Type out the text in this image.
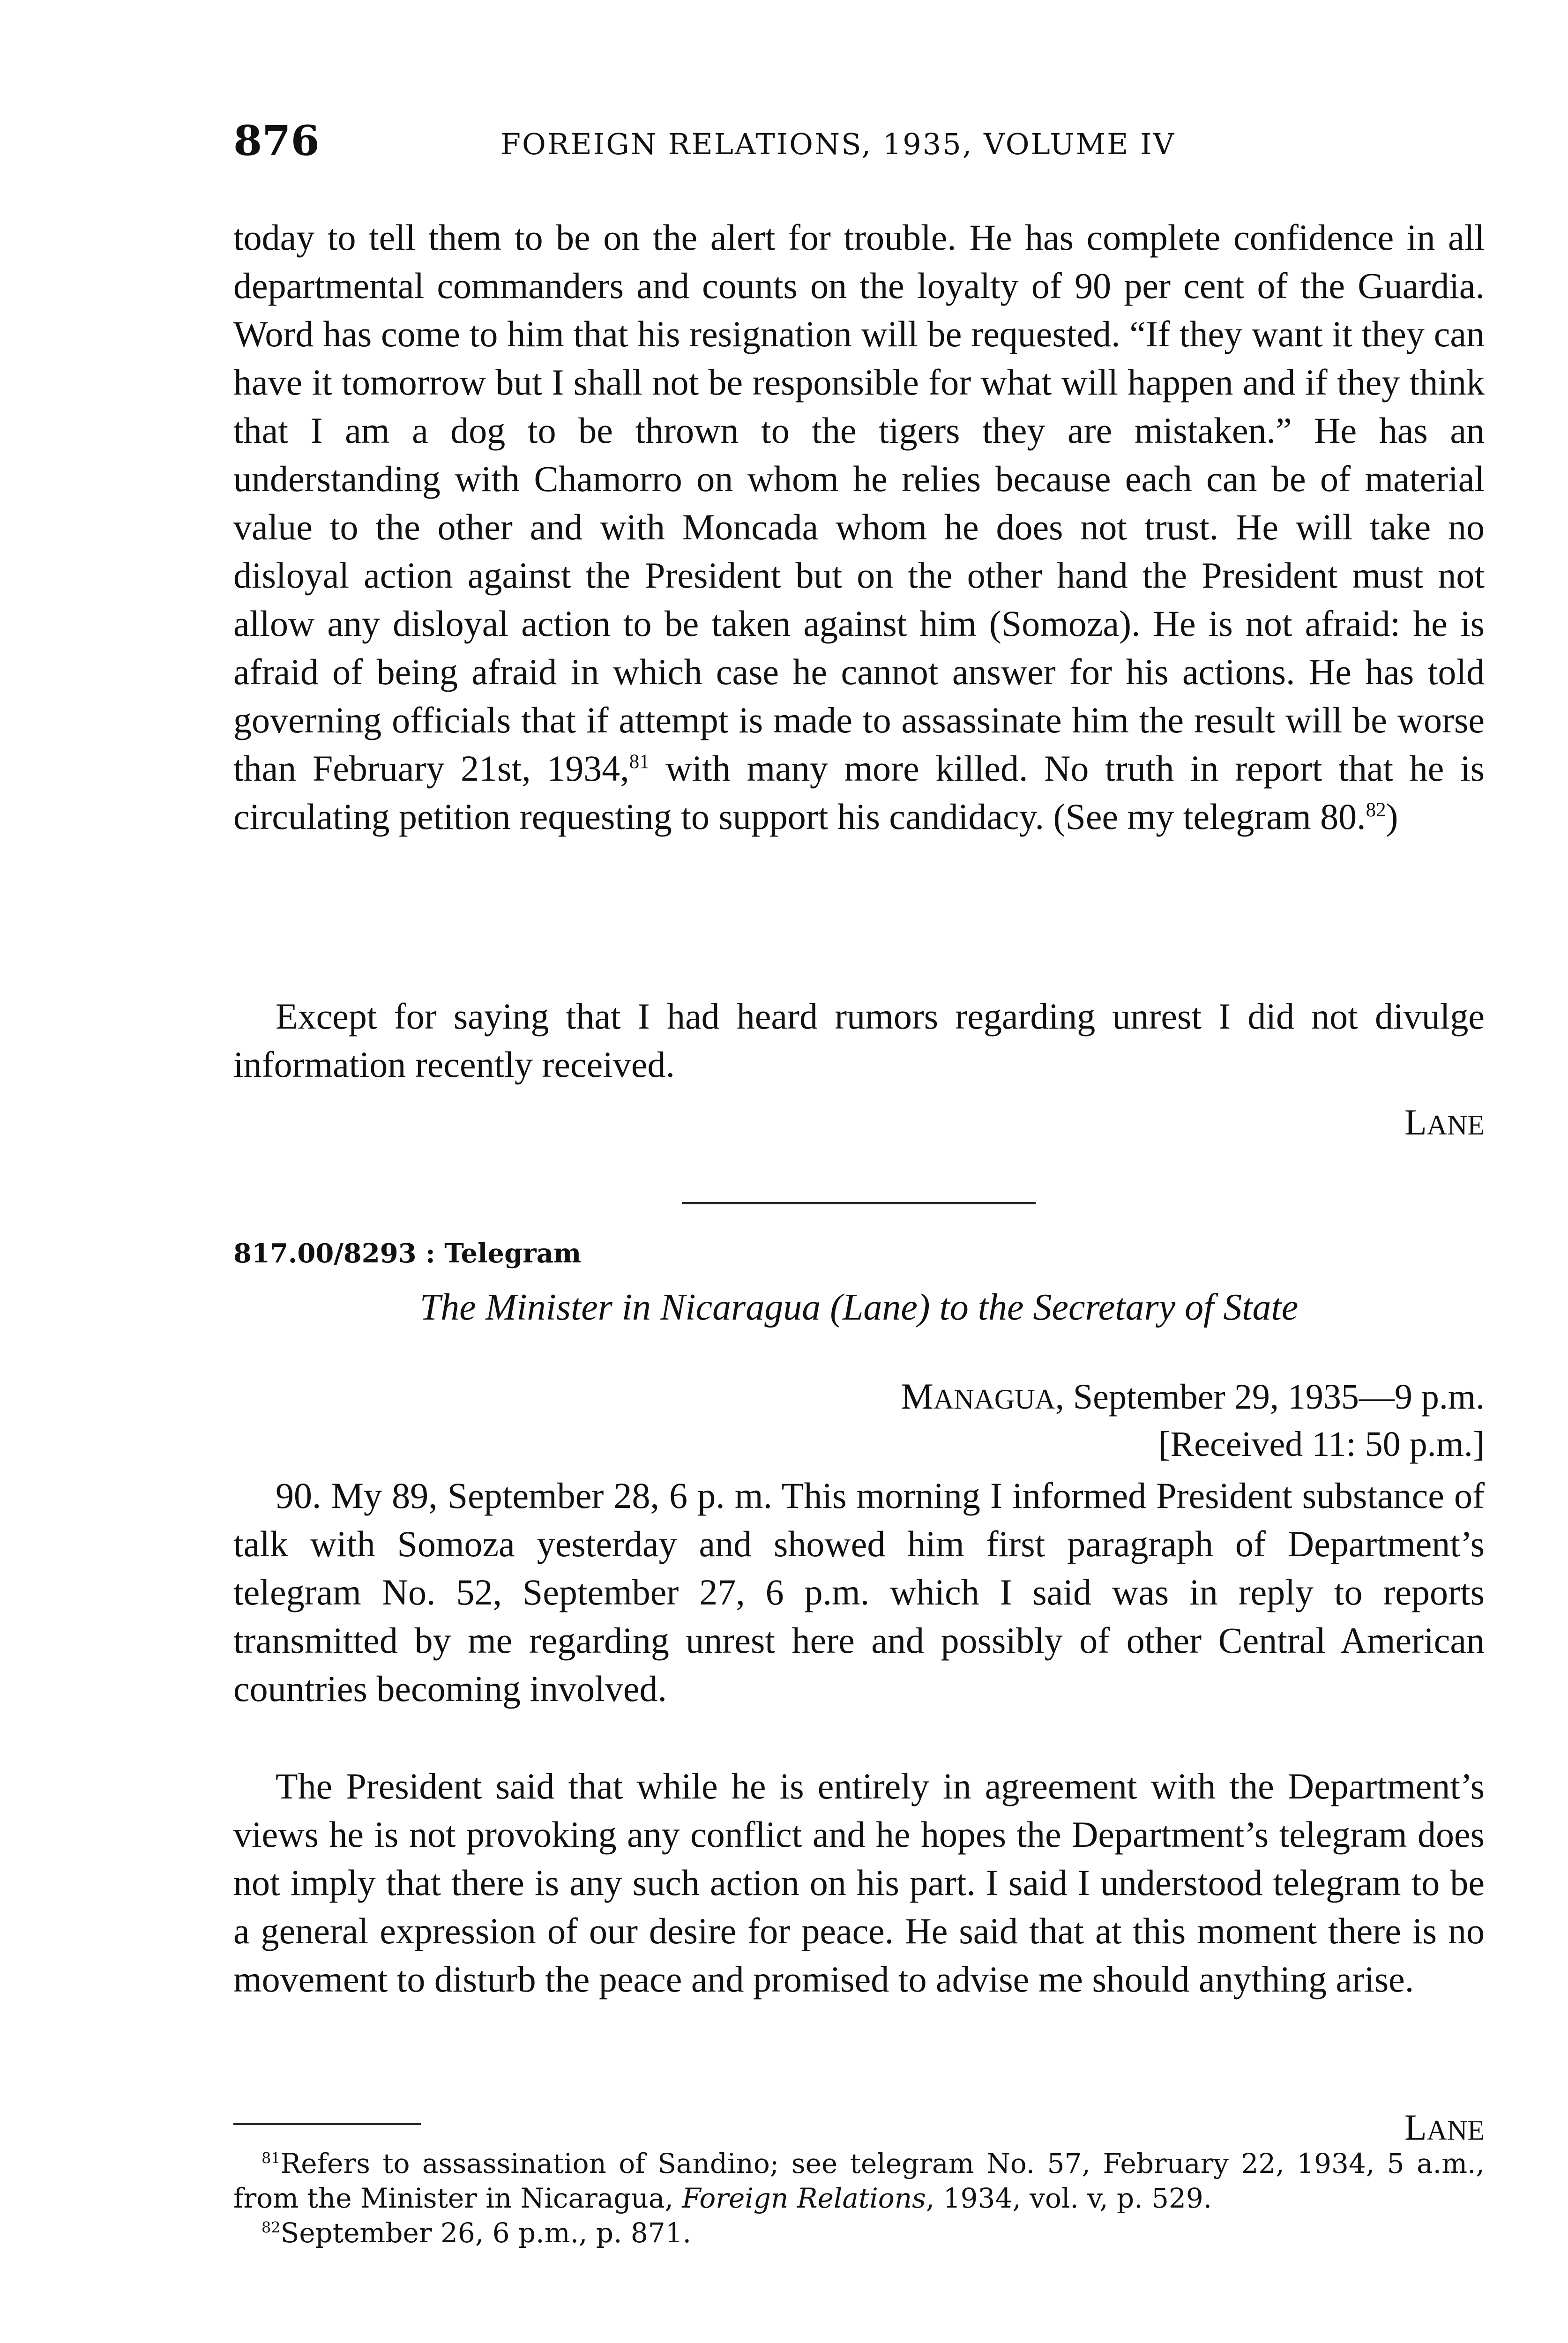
876	FOREIGN RELATIONS, 1935, VOLUME IV

today to tell them to be on the alert for trouble. He has complete confidence in all departmental commanders and counts on the loyalty of 90 per cent of the Guardia. Word has come to him that his resignation will be requested. “If they want it they can have it tomorrow but I shall not be responsible for what will happen and if they think that I am a dog to be thrown to the tigers they are mistaken.” He has an understanding with Chamorro on whom he relies because each can be of material value to the other and with Moncada whom he does not trust. He will take no disloyal action against the President but on the other hand the President must not allow any disloyal action to be taken against him (Somoza). He is not afraid: he is afraid of being afraid in which case he cannot answer for his actions. He has told governing officials that if attempt is made to assassinate him the result will be worse than February 21st, 1934,81 with many more killed. No truth in report that he is circulating petition requesting to support his candidacy. (See my telegram 80.82)

Except for saying that I had heard rumors regarding unrest I did not divulge information recently received.

LANE
817.00/8293 : Telegram
The Minister in Nicaragua (Lane) to the Secretary of State
MANAGUA, September 29, 1935—9 p.m.
[Received 11: 50 p.m.]

90. My 89, September 28, 6 p. m. This morning I informed President substance of talk with Somoza yesterday and showed him first paragraph of Department’s telegram No. 52, September 27, 6 p.m. which I said was in reply to reports transmitted by me regarding unrest here and possibly of other Central American countries becoming involved.

The President said that while he is entirely in agreement with the Department’s views he is not provoking any conflict and he hopes the Department’s telegram does not imply that there is any such action on his part. I said I understood telegram to be a general expression of our desire for peace. He said that at this moment there is no movement to disturb the peace and promised to advise me should anything arise.

LANE

$^{81}$Refers to assassination of Sandino; see telegram No. 57, February 22, 1934, 5 a.m., from the Minister in Nicaragua, Foreign Relations, 1934, vol. v, p. 529.

$^{82}$September 26, 6 p.m., p. 871.
